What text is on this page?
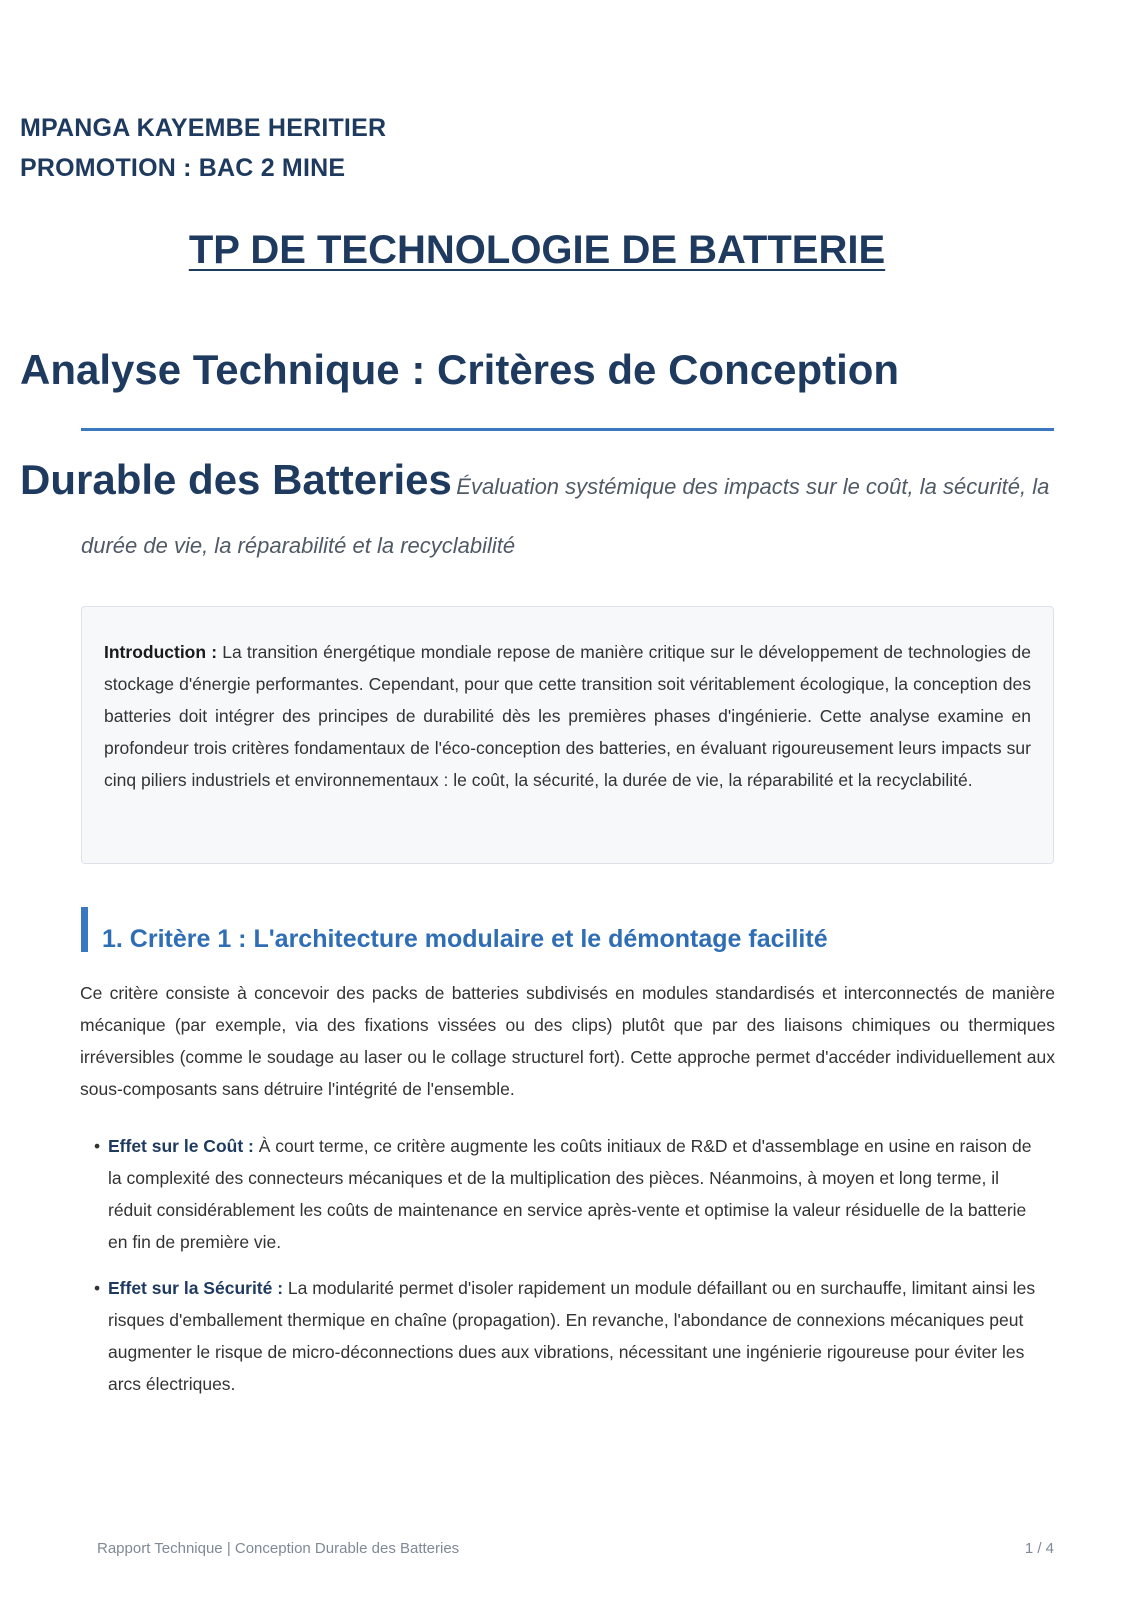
MPANGA KAYEMBE HERITIER
PROMOTION : BAC 2 MINE
TP DE TECHNOLOGIE DE BATTERIE
Analyse Technique : Critères de Conception
Durable des Batteries Évaluation systémique des impacts sur le coût, la sécurité, la
durée de vie, la réparabilité et la recyclabilité
Introduction : La transition énergétique mondiale repose de manière critique sur le développement de technologies de stockage d'énergie performantes. Cependant, pour que cette transition soit véritablement écologique, la conception des batteries doit intégrer des principes de durabilité dès les premières phases d'ingénierie. Cette analyse examine en profondeur trois critères fondamentaux de l'éco-conception des batteries, en évaluant rigoureusement leurs impacts sur cinq piliers industriels et environnementaux : le coût, la sécurité, la durée de vie, la réparabilité et la recyclabilité.
1. Critère 1 : L'architecture modulaire et le démontage facilité
Ce critère consiste à concevoir des packs de batteries subdivisés en modules standardisés et interconnectés de manière mécanique (par exemple, via des fixations vissées ou des clips) plutôt que par des liaisons chimiques ou thermiques irréversibles (comme le soudage au laser ou le collage structurel fort). Cette approche permet d'accéder individuellement aux sous-composants sans détruire l'intégrité de l'ensemble.
• Effet sur le Coût : À court terme, ce critère augmente les coûts initiaux de R&D et d'assemblage en usine en raison de la complexité des connecteurs mécaniques et de la multiplication des pièces. Néanmoins, à moyen et long terme, il réduit considérablement les coûts de maintenance en service après-vente et optimise la valeur résiduelle de la batterie en fin de première vie.
• Effet sur la Sécurité : La modularité permet d'isoler rapidement un module défaillant ou en surchauffe, limitant ainsi les risques d'emballement thermique en chaîne (propagation). En revanche, l'abondance de connexions mécaniques peut augmenter le risque de micro-déconnections dues aux vibrations, nécessitant une ingénierie rigoureuse pour éviter les arcs électriques.
Rapport Technique | Conception Durable des Batteries	1 / 4
